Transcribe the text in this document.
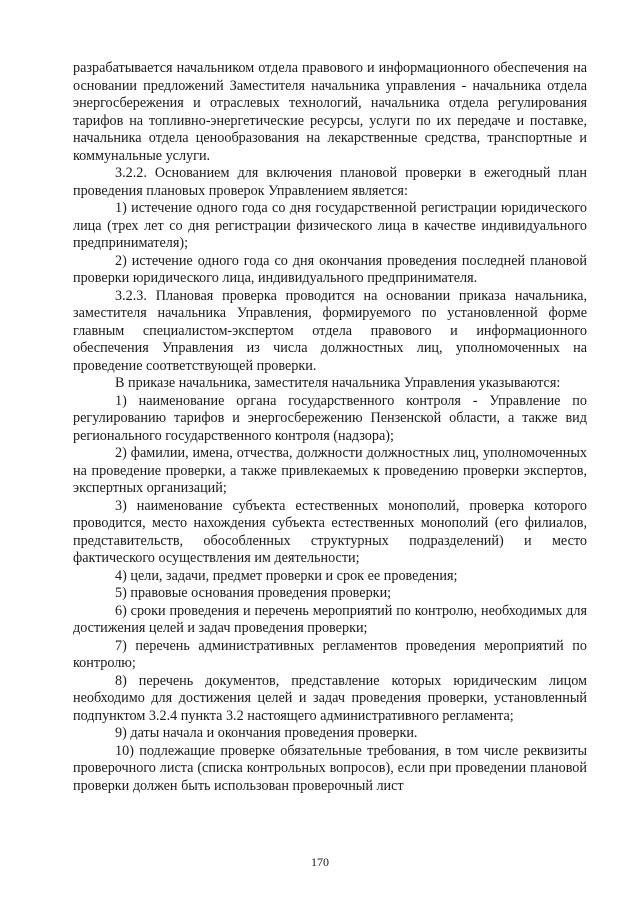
разрабатывается начальником отдела правового и информационного обеспечения на основании предложений Заместителя начальника управления - начальника отдела энергосбережения и отраслевых технологий, начальника отдела регулирования тарифов на топливно-энергетические ресурсы, услуги по их передаче и поставке, начальника отдела ценообразования на лекарственные средства, транспортные и коммунальные услуги.

3.2.2. Основанием для включения плановой проверки в ежегодный план проведения плановых проверок Управлением является:

1) истечение одного года со дня государственной регистрации юридического лица (трех лет со дня регистрации физического лица в качестве индивидуального предпринимателя);

2) истечение одного года со дня окончания проведения последней плановой проверки юридического лица, индивидуального предпринимателя.

3.2.3. Плановая проверка проводится на основании приказа начальника, заместителя начальника Управления, формируемого по установленной форме главным специалистом-экспертом отдела правового и информационного обеспечения Управления из числа должностных лиц, уполномоченных на проведение соответствующей проверки.

В приказе начальника, заместителя начальника Управления указываются:

1) наименование органа государственного контроля - Управление по регулированию тарифов и энергосбережению Пензенской области, а также вид регионального государственного контроля (надзора);

2) фамилии, имена, отчества, должности должностных лиц, уполномоченных на проведение проверки, а также привлекаемых к проведению проверки экспертов, экспертных организаций;

3) наименование субъекта естественных монополий, проверка которого проводится, место нахождения субъекта естественных монополий (его филиалов, представительств, обособленных структурных подразделений) и место фактического осуществления им деятельности;

4) цели, задачи, предмет проверки и срок ее проведения;

5) правовые основания проведения проверки;

6) сроки проведения и перечень мероприятий по контролю, необходимых для достижения целей и задач проведения проверки;

7) перечень административных регламентов проведения мероприятий по контролю;

8) перечень документов, представление которых юридическим лицом необходимо для достижения целей и задач проведения проверки, установленный подпунктом 3.2.4 пункта 3.2 настоящего административного регламента;

9) даты начала и окончания проведения проверки.

10) подлежащие проверке обязательные требования, в том числе реквизиты проверочного листа (списка контрольных вопросов), если при проведении плановой проверки должен быть использован проверочный лист

170
